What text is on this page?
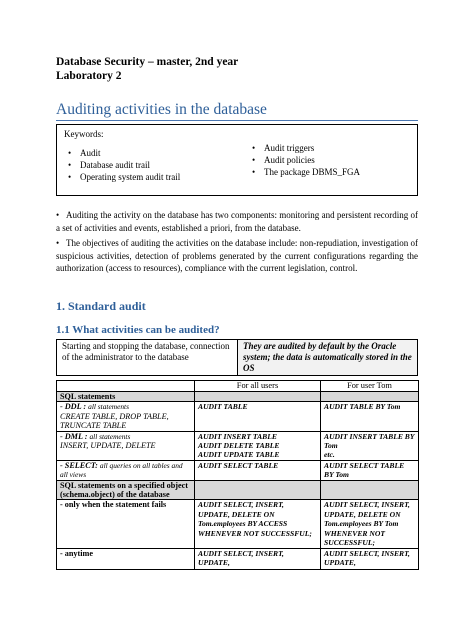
Database Security – master, 2nd year
Laboratory 2
Auditing activities in the database
Keywords:
• Audit
• Database audit trail
• Operating system audit trail
• Audit triggers
• Audit policies
• The package DBMS_FGA
• Auditing the activity on the database has two components: monitoring and persistent recording of a set of activities and events, established a priori, from the database.
• The objectives of auditing the activities on the database include: non-repudiation, investigation of suspicious activities, detection of problems generated by the current configurations regarding the authorization (access to resources), compliance with the current legislation, control.
1. Standard audit
1.1 What activities can be audited?
Starting and stopping the database, connection of the administrator to the database	They are audited by default by the Oracle system; the data is automatically stored in the OS
	For all users	For user Tom
SQL statements		
- DDL : all statements
CREATE TABLE, DROP TABLE, TRUNCATE TABLE	AUDIT TABLE	AUDIT TABLE BY Tom
- DML : all statements
INSERT, UPDATE, DELETE	AUDIT INSERT TABLE
AUDIT DELETE TABLE
AUDIT UPDATE TABLE	AUDIT INSERT TABLE BY
Tom
etc.
- SELECT: all queries on all tables and all views	AUDIT SELECT TABLE	AUDIT SELECT TABLE BY Tom
SQL statements on a specified object (schema.object) of the database		
- only when the statement fails	AUDIT SELECT, INSERT, UPDATE, DELETE ON Tom.employees BY ACCESS WHENEVER NOT SUCCESSFUL;	AUDIT SELECT, INSERT, UPDATE, DELETE ON Tom.employees BY Tom WHENEVER NOT SUCCESSFUL;
- anytime	AUDIT SELECT, INSERT, UPDATE,	AUDIT SELECT, INSERT, UPDATE,
